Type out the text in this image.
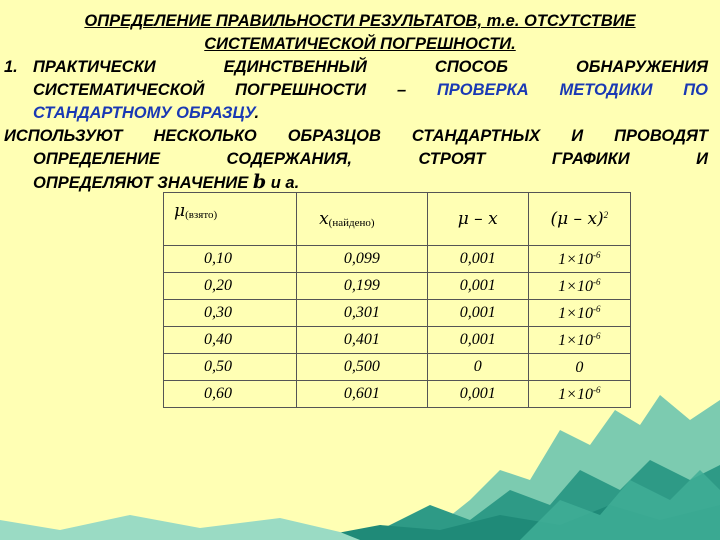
ОПРЕДЕЛЕНИЕ ПРАВИЛЬНОСТИ РЕЗУЛЬТАТОВ, т.е. ОТСУТСТВИЕ
СИСТЕМАТИЧЕСКОЙ ПОГРЕШНОСТИ.
1. ПРАКТИЧЕСКИ ЕДИНСТВЕННЫЙ СПОСОБ ОБНАРУЖЕНИЯ
СИСТЕМАТИЧЕСКОЙ ПОГРЕШНОСТИ – ПРОВЕРКА МЕТОДИКИ ПО
СТАНДАРТНОМУ ОБРАЗЦУ.
ИСПОЛЬЗУЮТ НЕСКОЛЬКО ОБРАЗЦОВ СТАНДАРТНЫХ И ПРОВОДЯТ
ОПРЕДЕЛЕНИЕ СОДЕРЖАНИЯ, СТРОЯТ ГРАФИКИ И
ОПРЕДЕЛЯЮТ ЗНАЧЕНИЕ b и a.
μ(взято)	x(найдено)	μ – x	(μ – x)$^2$
0,10	0,099	0,001	$1\times 10^{-6}$
0,20	0,199	0,001	$1\times 10^{-6}$
0,30	0,301	0,001	$1\times 10^{-6}$
0,40	0,401	0,001	$1\times 10^{-6}$
0,50	0,500	0	0
0,60	0,601	0,001	$1\times 10^{-6}$
